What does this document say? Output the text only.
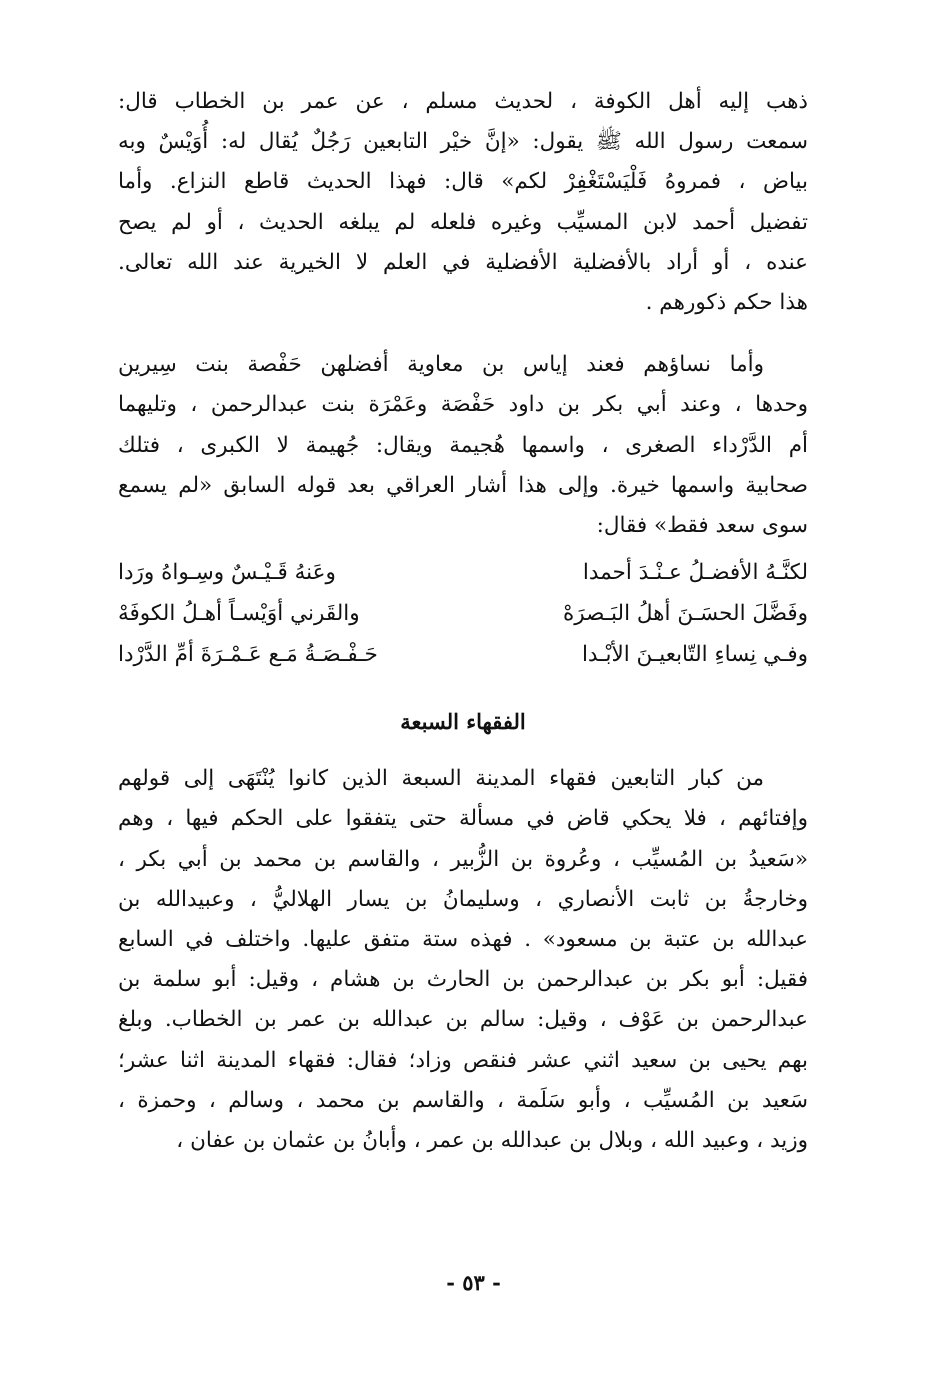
ذهب إليه أهل الكوفة ، لحديث مسلم ، عن عمر بن الخطاب قال:
سمعت رسول الله ﷺ يقول: «إنَّ خيْر التابعين رَجُلٌ يُقال له: أُوَيْسٌ وبه
بياض ، فمروهُ فَلْيَسْتَغْفِرْ لكم» قال: فهذا الحديث قاطع النزاع. وأما
تفضيل أحمد لابن المسيِّب وغيره فلعله لم يبلغه الحديث ، أو لم يصح
عنده ، أو أراد بالأفضلية الأفضلية في العلم لا الخيرية عند الله تعالى.
هذا حكم ذكورهم .
وأما نساؤهم فعند إياس بن معاوية أفضلهن حَفْصة بنت سِيرين
وحدها ، وعند أبي بكر بن داود حَفْصَة وعَمْرَة بنت عبدالرحمن ، وتليهما
أم الدَّرْداء الصغرى ، واسمها هُجيمة ويقال: جُهيمة لا الكبرى ، فتلك
صحابية واسمها خيرة. وإلى هذا أشار العراقي بعد قوله السابق «لم يسمع
سوى سعد فقط» فقال:
لكنَّـهُ الأفضـلُ عـنْـدَ أحمدا
وعَنهُ قَـيْـسٌ وسِـواهُ ورَدا
وفَضَّلَ الحسَـنَ أهلُ البَـصرَهْ
والقَرني أوَيْسـاً أهـلُ الكوفَهْ
وفـي نِساءِ التّابعيـنَ الأبْـدا
حَـفْـصَـةُ مَـع عَـمْـرَةَ أمِّ الدَّرْدا
الفقهاء السبعة
من كبار التابعين فقهاء المدينة السبعة الذين كانوا يُنْتَهَى إلى قولهم
وإفتائهم ، فلا يحكي قاض في مسألة حتى يتفقوا على الحكم فيها ، وهم
«سَعيدُ بن المُسيِّب ، وعُروة بن الزُّبير ، والقاسم بن محمد بن أبي بكر ،
وخارجةُ بن ثابت الأنصاري ، وسليمانُ بن يسار الهلاليُّ ، وعبيدالله بن
عبدالله بن عتبة بن مسعود» . فهذه ستة متفق عليها. واختلف في السابع
فقيل: أبو بكر بن عبدالرحمن بن الحارث بن هشام ، وقيل: أبو سلمة بن
عبدالرحمن بن عَوْف ، وقيل: سالم بن عبدالله بن عمر بن الخطاب. وبلغ
بهم يحيى بن سعيد اثني عشر فنقص وزاد؛ فقال: فقهاء المدينة اثنا عشر؛
سَعيد بن المُسيِّب ، وأبو سَلَمة ، والقاسم بن محمد ، وسالم ، وحمزة ،
وزيد ، وعبيد الله ، وبلال بن عبدالله بن عمر ، وأبانُ بن عثمان بن عفان ،
- ٥٣ -
